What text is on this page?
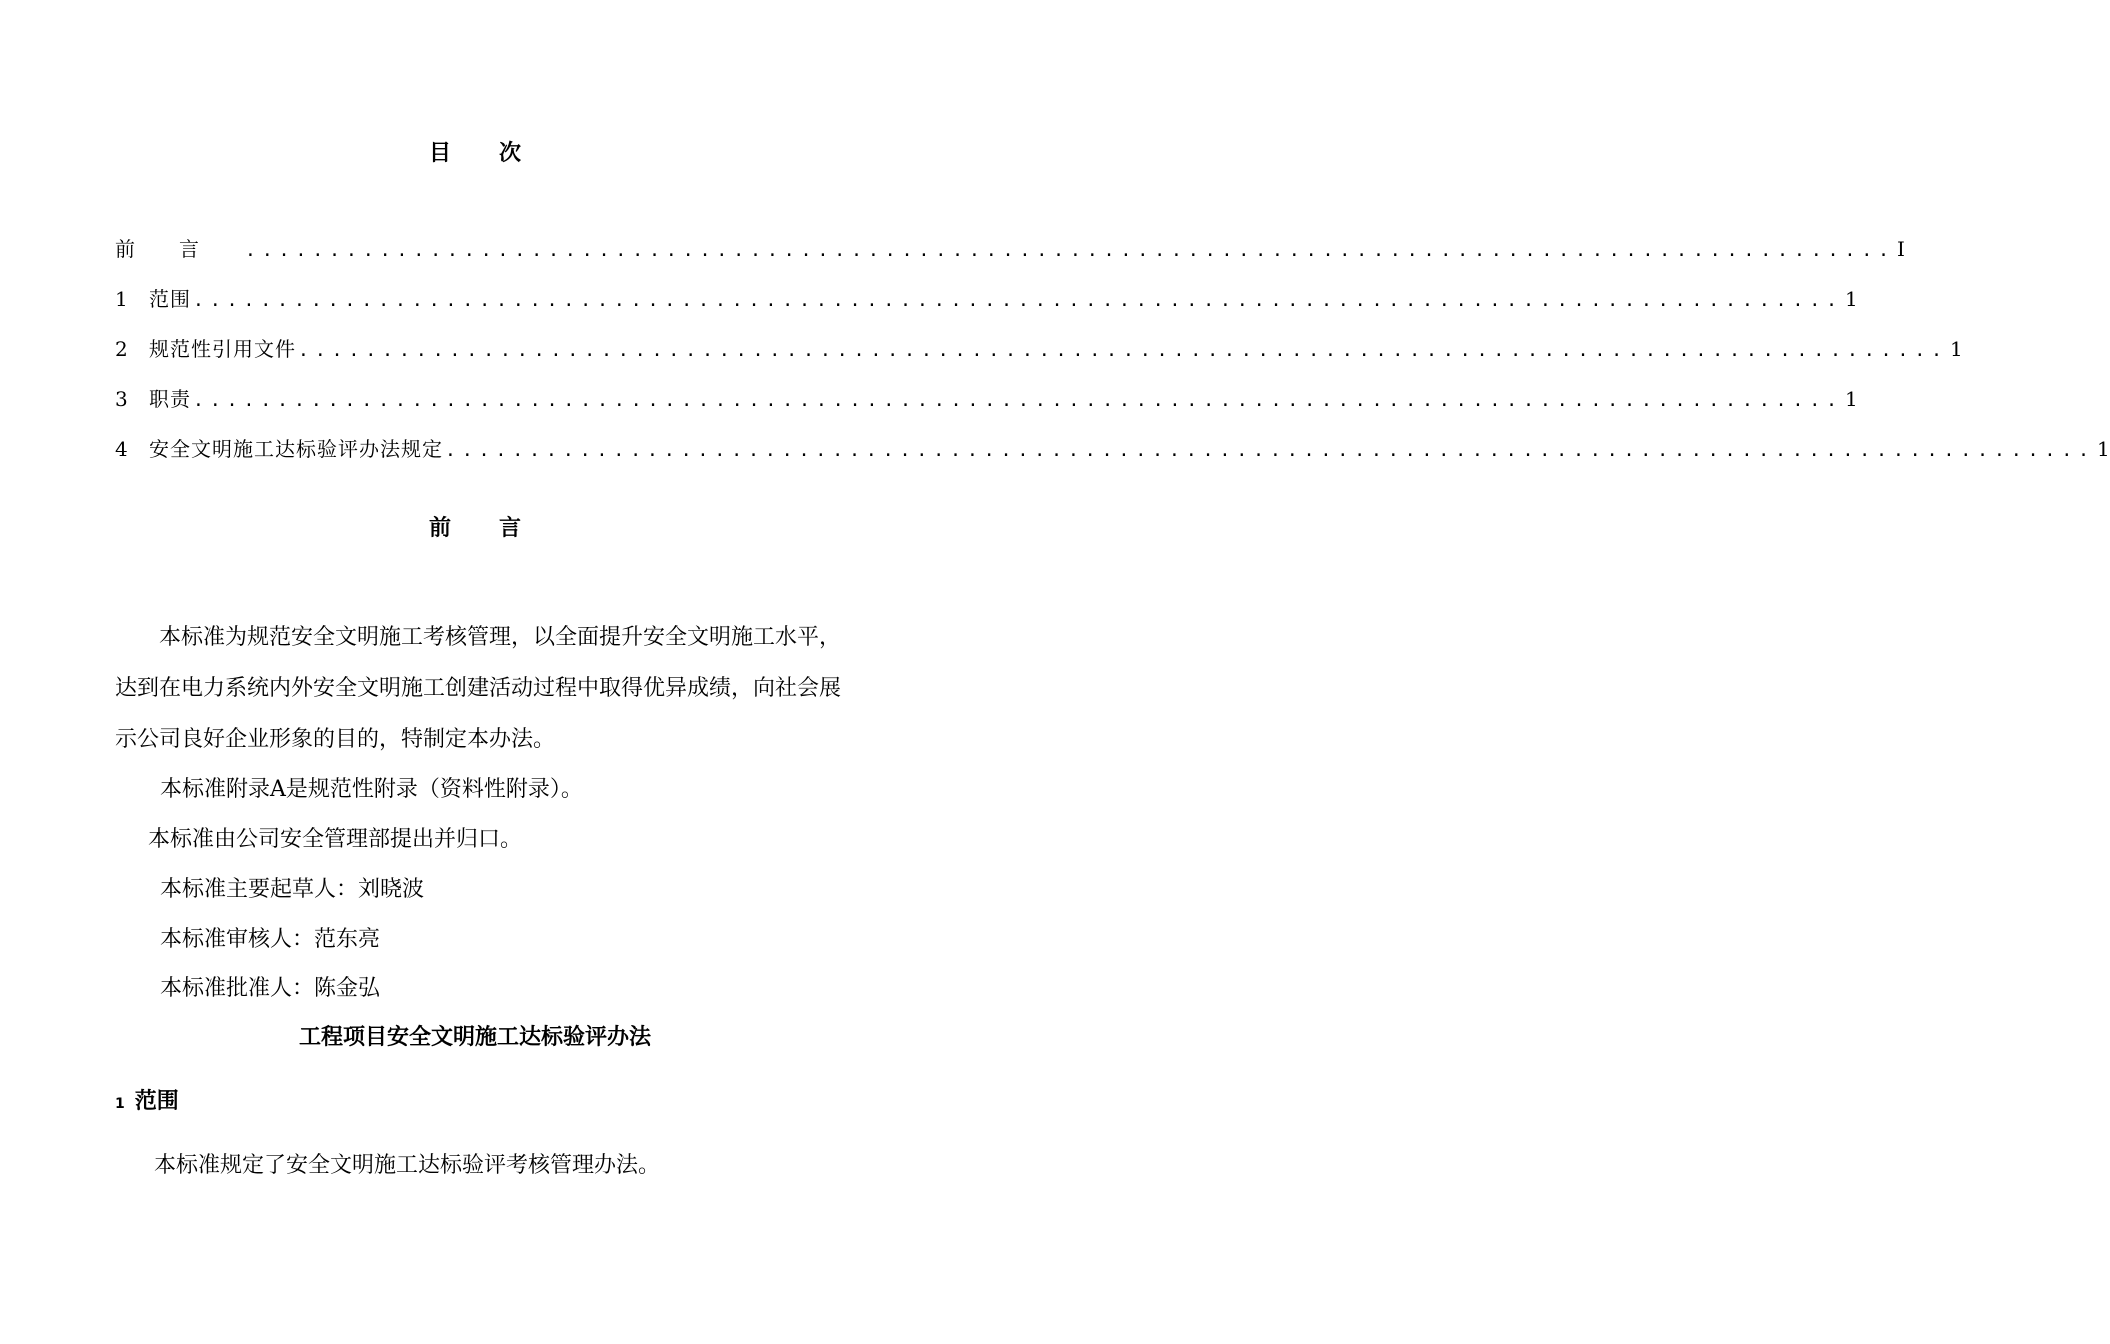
目次
前言 .................................................................................................. I
1	范围 .................................................................................................. 1
2	规范性引用文件 .................................................................................................. 1
3	职责 .................................................................................................. 1
4	安全文明施工达标验评办法规定 .................................................................................................. 1
前言

本标准为规范安全文明施工考核管理，以全面提升安全文明施工水平，达到在电力系统内外安全文明施工创建活动过程中取得优异成绩，向社会展示公司良好企业形象的目的，特制定本办法。

本标准附录A是规范性附录（资料性附录）。
本标准由公司安全管理部提出并归口。
本标准主要起草人：刘晓波
本标准审核人：范东亮
本标准批准人：陈金弘
工程项目安全文明施工达标验评办法
1 范围
本标准规定了安全文明施工达标验评考核管理办法。
